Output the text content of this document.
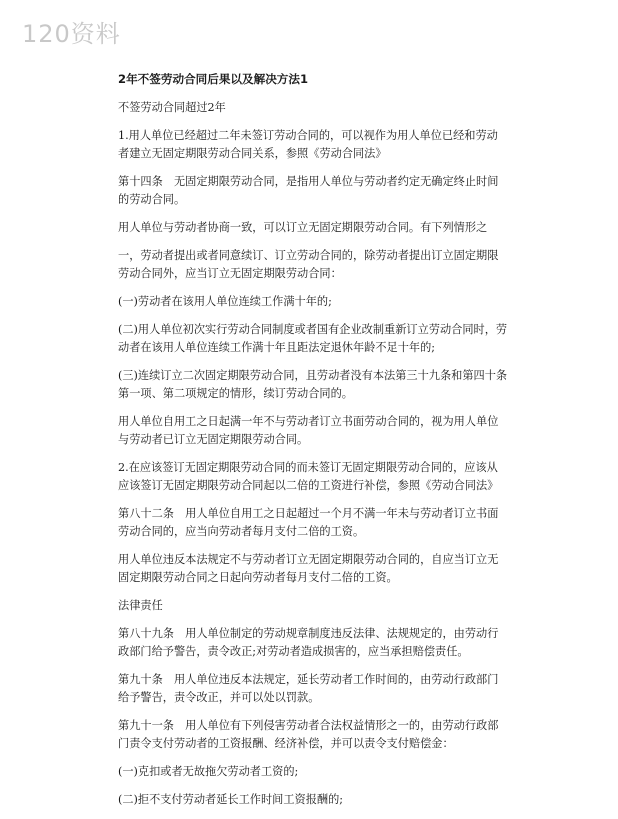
120资料
2年不签劳动合同后果以及解决方法1

不签劳动合同超过2年

1.用人单位已经超过二年未签订劳动合同的，可以视作为用人单位已经和劳动者建立无固定期限劳动合同关系，参照《劳动合同法》

第十四条　无固定期限劳动合同，是指用人单位与劳动者约定无确定终止时间的劳动合同。

用人单位与劳动者协商一致，可以订立无固定期限劳动合同。有下列情形之

一，劳动者提出或者同意续订、订立劳动合同的，除劳动者提出订立固定期限劳动合同外，应当订立无固定期限劳动合同：

(一)劳动者在该用人单位连续工作满十年的;

(二)用人单位初次实行劳动合同制度或者国有企业改制重新订立劳动合同时，劳动者在该用人单位连续工作满十年且距法定退休年龄不足十年的;

(三)连续订立二次固定期限劳动合同，且劳动者没有本法第三十九条和第四十条第一项、第二项规定的情形，续订劳动合同的。

用人单位自用工之日起满一年不与劳动者订立书面劳动合同的，视为用人单位与劳动者已订立无固定期限劳动合同。

2.在应该签订无固定期限劳动合同的而未签订无固定期限劳动合同的，应该从应该签订无固定期限劳动合同起以二倍的工资进行补偿，参照《劳动合同法》

第八十二条　用人单位自用工之日起超过一个月不满一年未与劳动者订立书面劳动合同的，应当向劳动者每月支付二倍的工资。

用人单位违反本法规定不与劳动者订立无固定期限劳动合同的，自应当订立无固定期限劳动合同之日起向劳动者每月支付二倍的工资。

法律责任

第八十九条　用人单位制定的劳动规章制度违反法律、法规规定的，由劳动行政部门给予警告，责令改正;对劳动者造成损害的，应当承担赔偿责任。

第九十条　用人单位违反本法规定，延长劳动者工作时间的，由劳动行政部门给予警告，责令改正，并可以处以罚款。

第九十一条　用人单位有下列侵害劳动者合法权益情形之一的，由劳动行政部门责令支付劳动者的工资报酬、经济补偿，并可以责令支付赔偿金：

(一)克扣或者无故拖欠劳动者工资的;

(二)拒不支付劳动者延长工作时间工资报酬的;
